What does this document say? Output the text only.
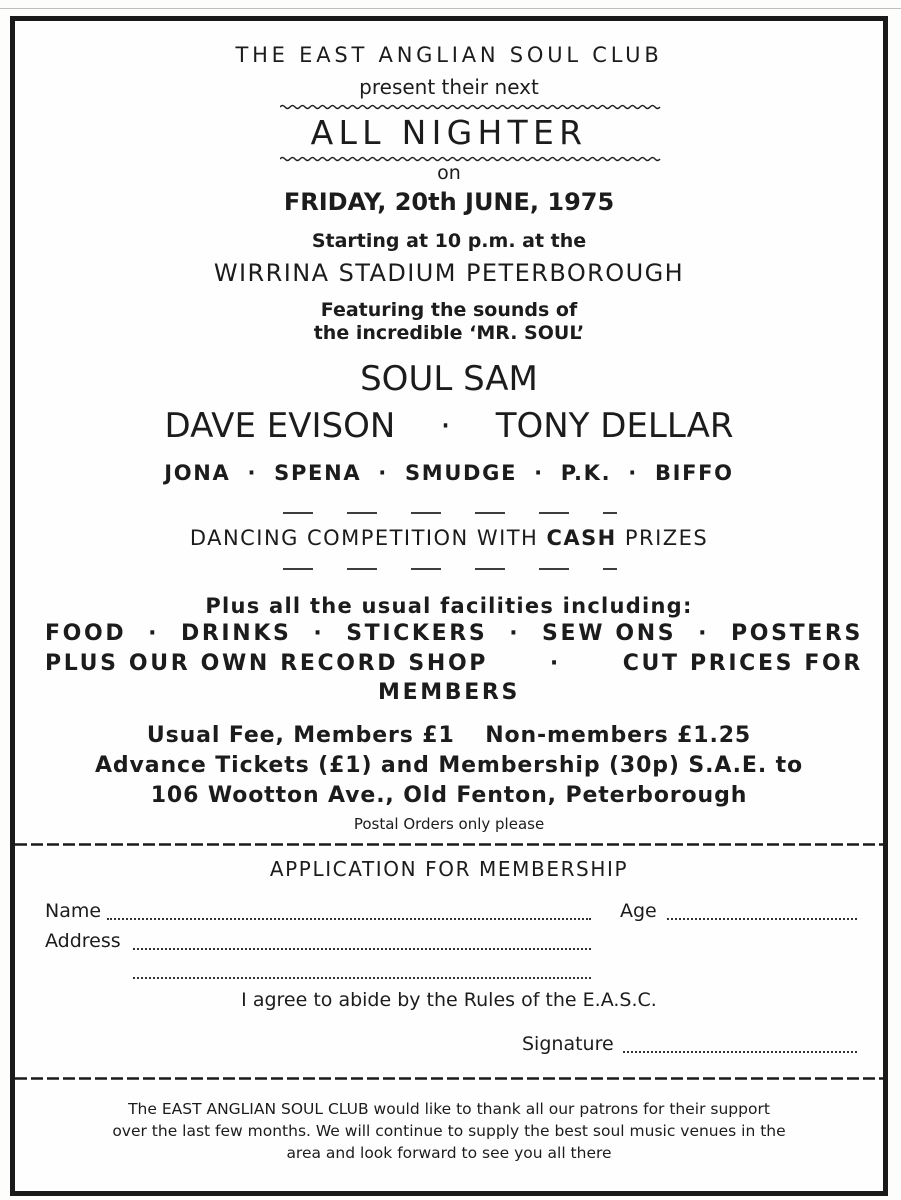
THE EAST ANGLIAN SOUL CLUB
present their next
ALL NIGHTER
on
FRIDAY, 20th JUNE, 1975
Starting at 10 p.m. at the
WIRRINA STADIUM PETERBOROUGH
Featuring the sounds of
the incredible ‘MR. SOUL’
SOUL SAM
DAVE EVISON · TONY DELLAR
JONA · SPENA · SMUDGE · P.K. · BIFFO
DANCING COMPETITION WITH CASH PRIZES
Plus all the usual facilities including:
FOOD · DRINKS · STICKERS · SEW ONS · POSTERS
PLUS OUR OWN RECORD SHOP	·	CUT PRICES FOR
MEMBERS
Usual Fee, Members £1 Non-members £1.25
Advance Tickets (£1) and Membership (30p) S.A.E. to
106 Wootton Ave., Old Fenton, Peterborough
Postal Orders only please
APPLICATION FOR MEMBERSHIP
Name	Age
Address
I agree to abide by the Rules of the E.A.S.C.
Signature
The EAST ANGLIAN SOUL CLUB would like to thank all our patrons for their support
over the last few months. We will continue to supply the best soul music venues in the
area and look forward to see you all there
